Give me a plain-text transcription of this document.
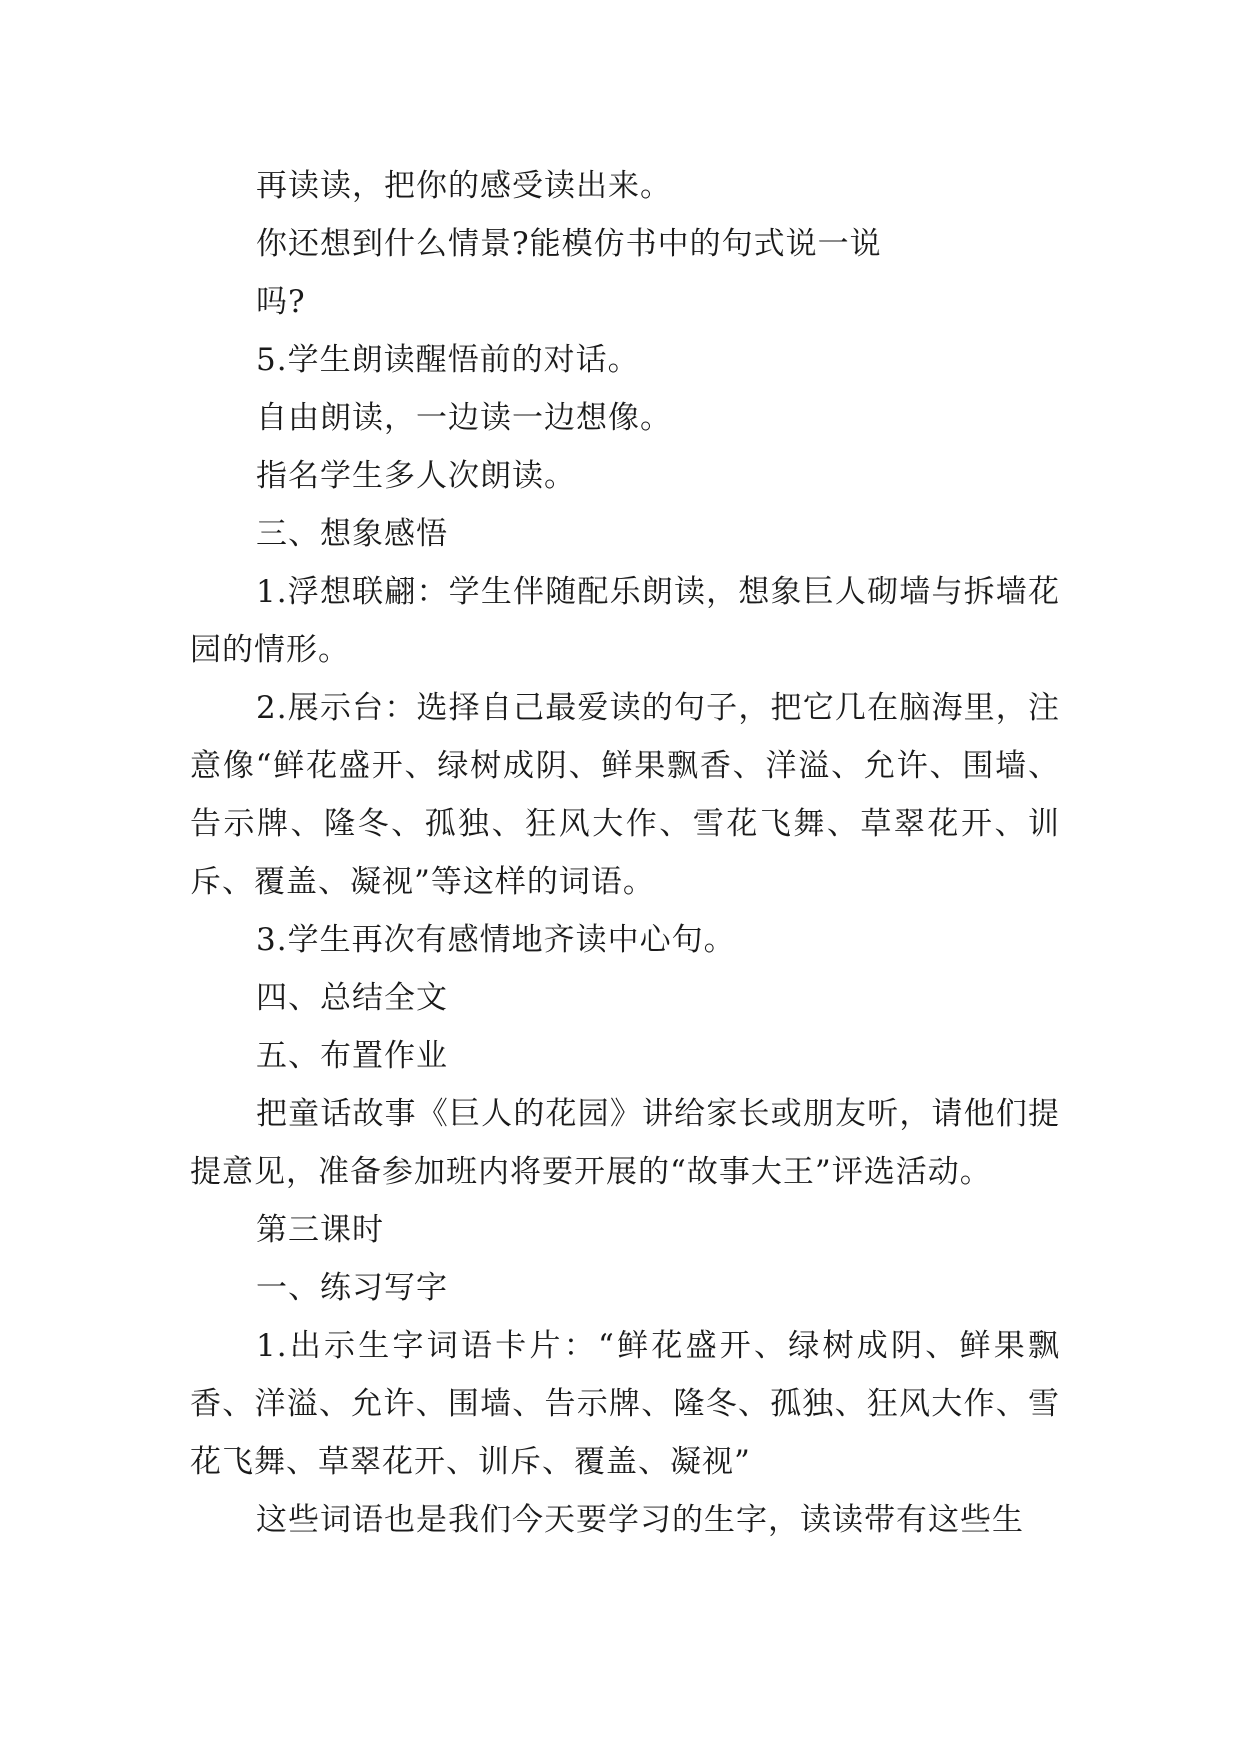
再读读，把你的感受读出来。

你还想到什么情景?能模仿书中的句式说一说

吗?

5.学生朗读醒悟前的对话。

自由朗读，一边读一边想像。

指名学生多人次朗读。

三、想象感悟

1.浮想联翩：学生伴随配乐朗读，想象巨人砌墙与拆墙花园的情形。

2.展示台：选择自己最爱读的句子，把它几在脑海里，注意像“鲜花盛开、绿树成阴、鲜果飘香、洋溢、允许、围墙、告示牌、隆冬、孤独、狂风大作、雪花飞舞、草翠花开、训斥、覆盖、凝视”等这样的词语。

3.学生再次有感情地齐读中心句。

四、总结全文

五、布置作业

把童话故事《巨人的花园》讲给家长或朋友听，请他们提提意见，准备参加班内将要开展的“故事大王”评选活动。

第三课时

一、练习写字

1.出示生字词语卡片：“鲜花盛开、绿树成阴、鲜果飘香、洋溢、允许、围墙、告示牌、隆冬、孤独、狂风大作、雪花飞舞、草翠花开、训斥、覆盖、凝视”

这些词语也是我们今天要学习的生字，读读带有这些生
